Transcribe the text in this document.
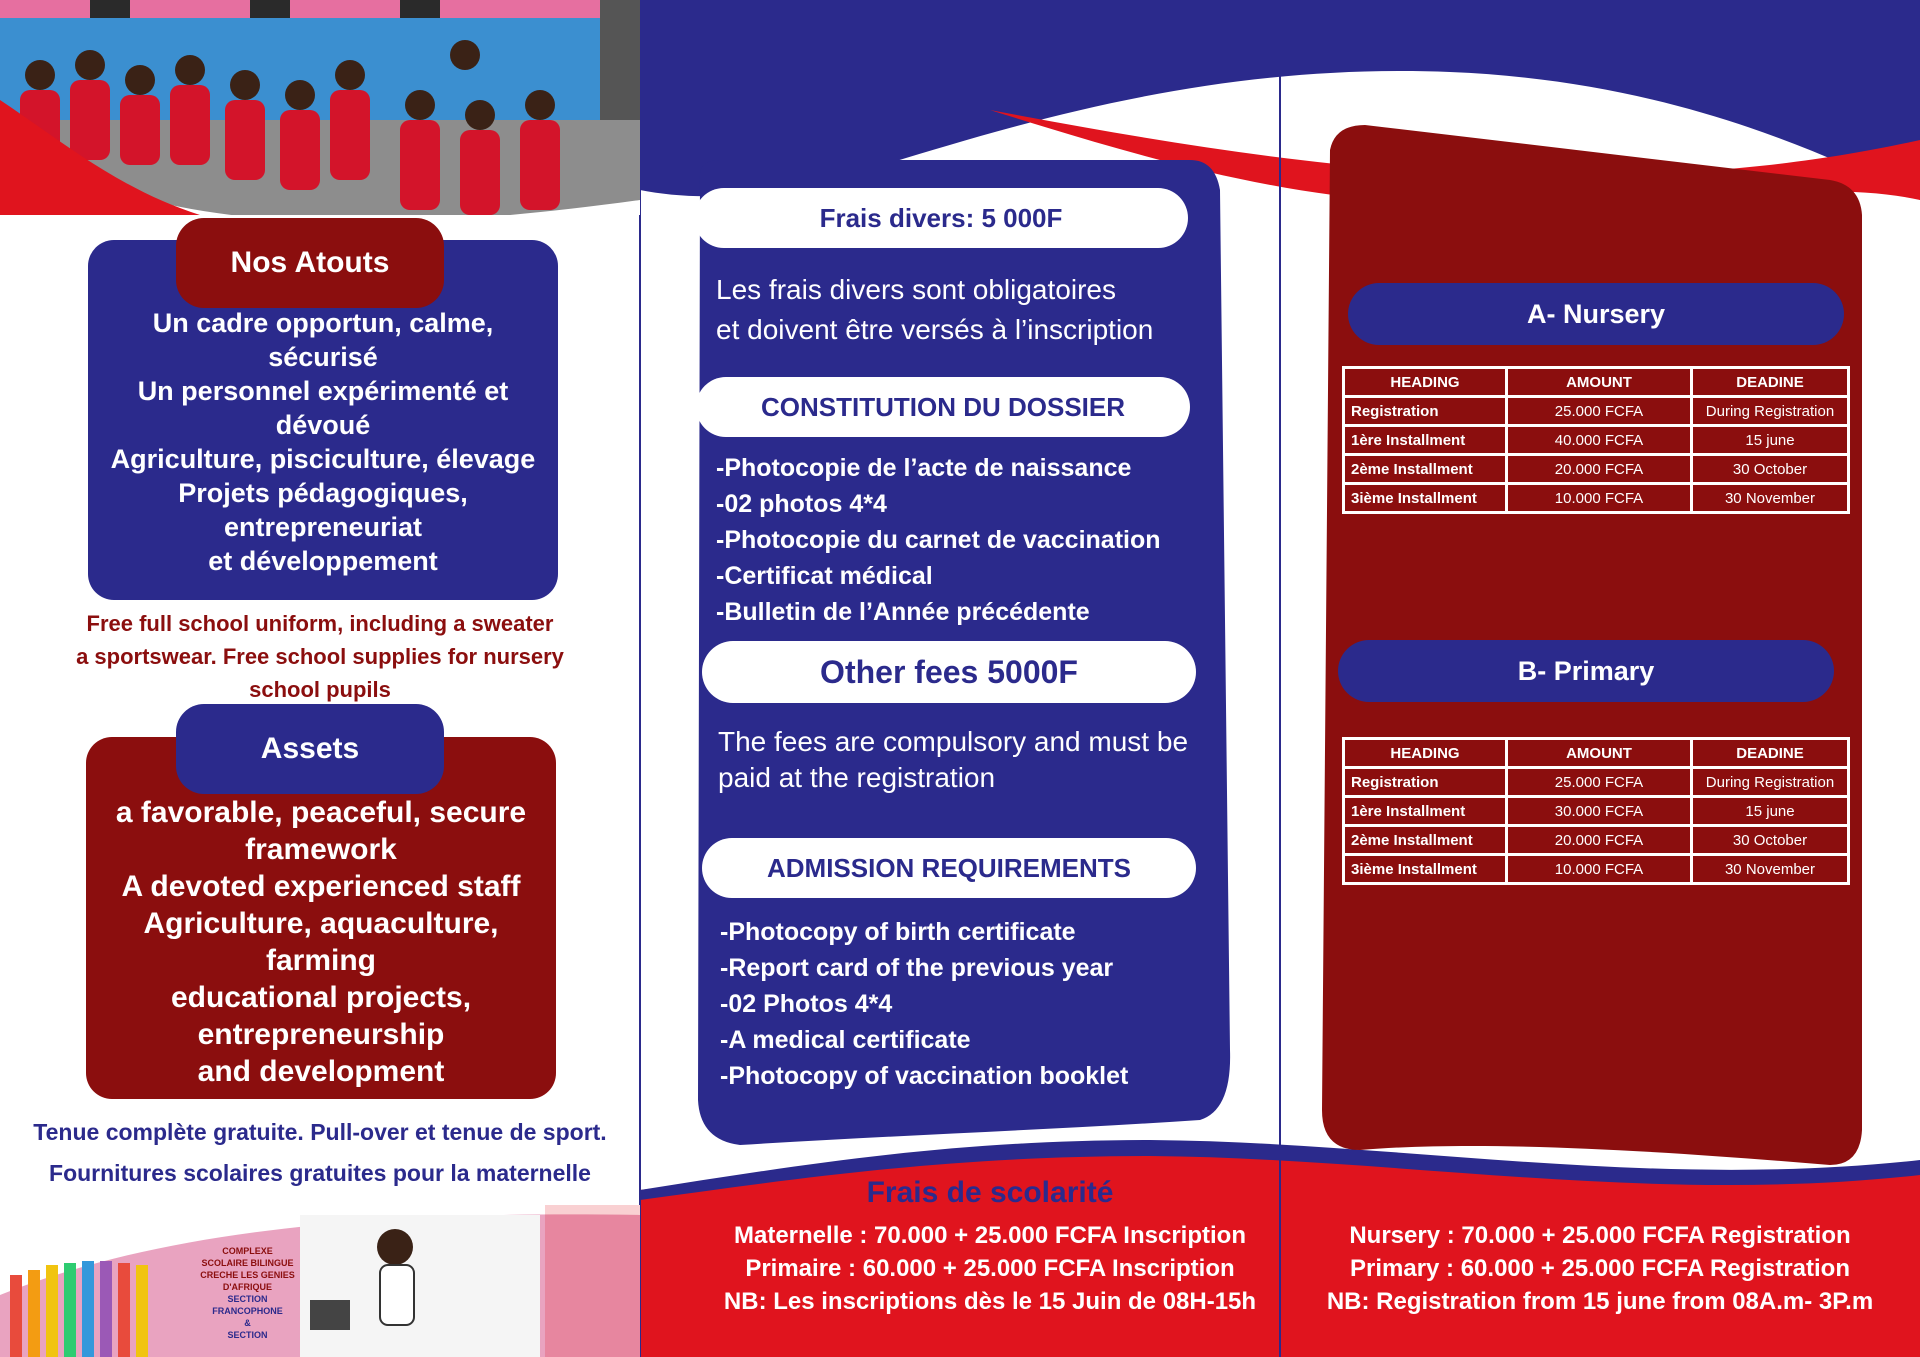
Nos Atouts
Un cadre opportun, calme,
sécurisé
Un personnel expérimenté et
dévoué
Agriculture, pisciculture, élevage
Projets pédagogiques,
entrepreneuriat
et développement
Free full school uniform, including a sweater
a sportswear. Free school supplies for nursery
school pupils
Assets
a favorable, peaceful, secure
framework
A devoted experienced staff
Agriculture, aquaculture,
farming
educational projects,
entrepreneurship
and development
Tenue complète gratuite. Pull-over et tenue de sport.
Fournitures scolaires gratuites pour la maternelle
COMPLEXE SCOLAIRE BILINGUE
CRECHE LES GENIES D'AFRIQUE
SECTION
FRANCOPHONE
&
SECTION
Frais divers: 5 000F
Les frais divers sont obligatoires
et doivent être versés à l’inscription
CONSTITUTION DU DOSSIER
-Photocopie de l’acte de naissance
-02 photos 4*4
-Photocopie du carnet de vaccination
-Certificat médical
-Bulletin de l’Année précédente
Other fees 5000F
The fees are compulsory and must be
paid at the registration
ADMISSION REQUIREMENTS
-Photocopy of birth certificate
-Report card of the previous year
-02 Photos 4*4
-A medical certificate
-Photocopy of vaccination booklet
Frais de scolarité
Maternelle : 70.000 + 25.000 FCFA Inscription
Primaire : 60.000 + 25.000 FCFA Inscription
NB: Les inscriptions dès le 15 Juin de 08H-15h
A- Nursery
HEADING	AMOUNT	DEADINE
Registration	25.000 FCFA	During Registration
1ère Installment	40.000 FCFA	15 june
2ème Installment	20.000 FCFA	30 October
3ième Installment	10.000 FCFA	30 November
B- Primary
HEADING	AMOUNT	DEADINE
Registration	25.000 FCFA	During Registration
1ère Installment	30.000 FCFA	15 june
2ème Installment	20.000 FCFA	30 October
3ième Installment	10.000 FCFA	30 November
Nursery : 70.000 + 25.000 FCFA Registration
Primary : 60.000 + 25.000 FCFA Registration
NB: Registration from 15 june from 08A.m- 3P.m
